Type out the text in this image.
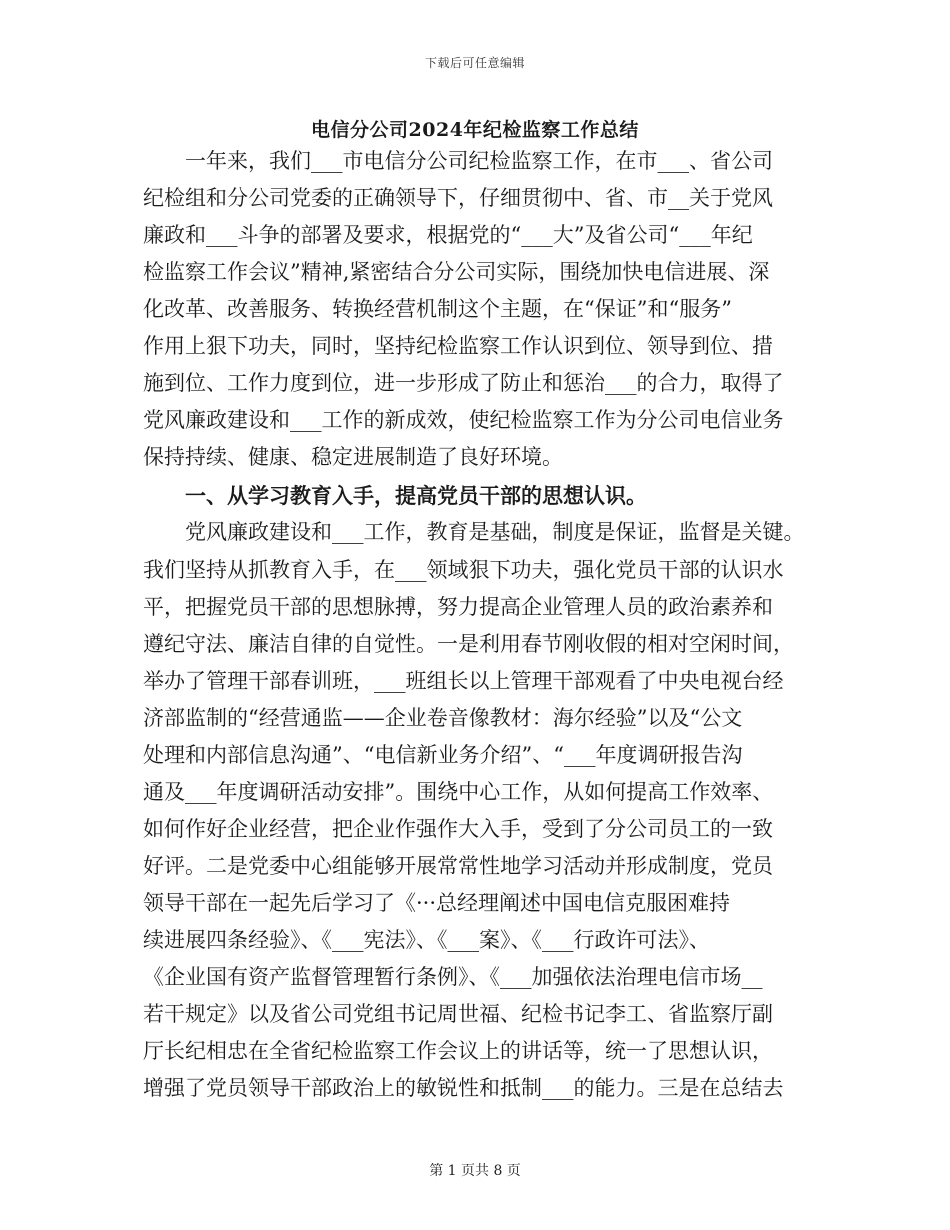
下载后可任意编辑
电信分公司2024年纪检监察工作总结
一年来，我们___市电信分公司纪检监察工作，在市___、省公司
纪检组和分公司党委的正确领导下，仔细贯彻中、省、市__关于党风
廉政和___斗争的部署及要求，根据党的“___大”及省公司“___年纪
检监察工作会议”精神,紧密结合分公司实际，围绕加快电信进展、深
化改革、改善服务、转换经营机制这个主题，在“保证”和“服务”
作用上狠下功夫，同时，坚持纪检监察工作认识到位、领导到位、措
施到位、工作力度到位，进一步形成了防止和惩治___的合力，取得了
党风廉政建设和___工作的新成效，使纪检监察工作为分公司电信业务
保持持续、健康、稳定进展制造了良好环境。
一、从学习教育入手，提高党员干部的思想认识。
党风廉政建设和___工作，教育是基础，制度是保证，监督是关键。
我们坚持从抓教育入手，在___领域狠下功夫，强化党员干部的认识水
平，把握党员干部的思想脉搏，努力提高企业管理人员的政治素养和
遵纪守法、廉洁自律的自觉性。一是利用春节刚收假的相对空闲时间，
举办了管理干部春训班，___班组长以上管理干部观看了中央电视台经
济部监制的“经营通监——企业卷音像教材：海尔经验”以及“公文
处理和内部信息沟通”、“电信新业务介绍”、“___年度调研报告沟
通及___年度调研活动安排”。围绕中心工作，从如何提高工作效率、
如何作好企业经营，把企业作强作大入手，受到了分公司员工的一致
好评。二是党委中心组能够开展常常性地学习活动并形成制度，党员
领导干部在一起先后学习了《···总经理阐述中国电信克服困难持
续进展四条经验》、《___宪法》、《___案》、《___行政许可法》、
《企业国有资产监督管理暂行条例》、《___加强依法治理电信市场__
若干规定》以及省公司党组书记周世福、纪检书记李工、省监察厅副
厅长纪相忠在全省纪检监察工作会议上的讲话等，统一了思想认识，
增强了党员领导干部政治上的敏锐性和抵制___的能力。三是在总结去
第 1 页共 8 页
